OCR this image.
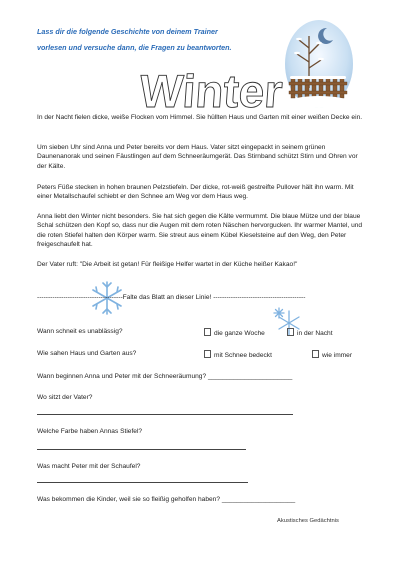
Lass dir die folgende Geschichte von deinem Trainer
vorlesen und versuche dann, die Fragen zu beantworten.
Winter

In der Nacht fielen dicke, weiße Flocken vom Himmel. Sie hüllten Haus und Garten mit einer weißen Decke ein.

Um sieben Uhr sind Anna und Peter bereits vor dem Haus. Vater sitzt eingepackt in seinem grünen Daunenanorak und seinen Fäustlingen auf dem Schneeräumgerät. Das Stirnband schützt Stirn und Ohren vor der Kälte.

Peters Füße stecken in hohen braunen Pelzstiefeln. Der dicke, rot-weiß gestreifte Pullover hält ihn warm. Mit einer Metallschaufel schiebt er den Schnee am Weg vor dem Haus weg.

Anna liebt den Winter nicht besonders. Sie hat sich gegen die Kälte vermummt. Die blaue Mütze und der blaue Schal schützen den Kopf so, dass nur die Augen mit dem roten Näschen hervorgucken. Ihr warmer Mantel, und die roten Stiefel halten den Körper warm. Sie streut aus einem Kübel Kieselsteine auf den Weg, den Peter freigeschaufelt hat.

Der Vater ruft: "Die Arbeit ist getan! Für fleißige Helfer wartet in der Küche heißer Kakao!"

---------------------------------------Falte das Blatt an dieser Linie! ------------------------------------------
Wann schneit es unablässig?	die ganze Woche	in der Nacht
Wie sahen Haus und Garten aus?	mit Schnee bedeckt	wie immer
Wann beginnen Anna und Peter mit der Schneeräumung? _______________________
Wo sitzt der Vater?
Welche Farbe haben Annas Stiefel?
Was macht Peter mit der Schaufel?
Was bekommen die Kinder, weil sie so fleißig geholfen haben? ____________________
Akustisches Gedächtnis
